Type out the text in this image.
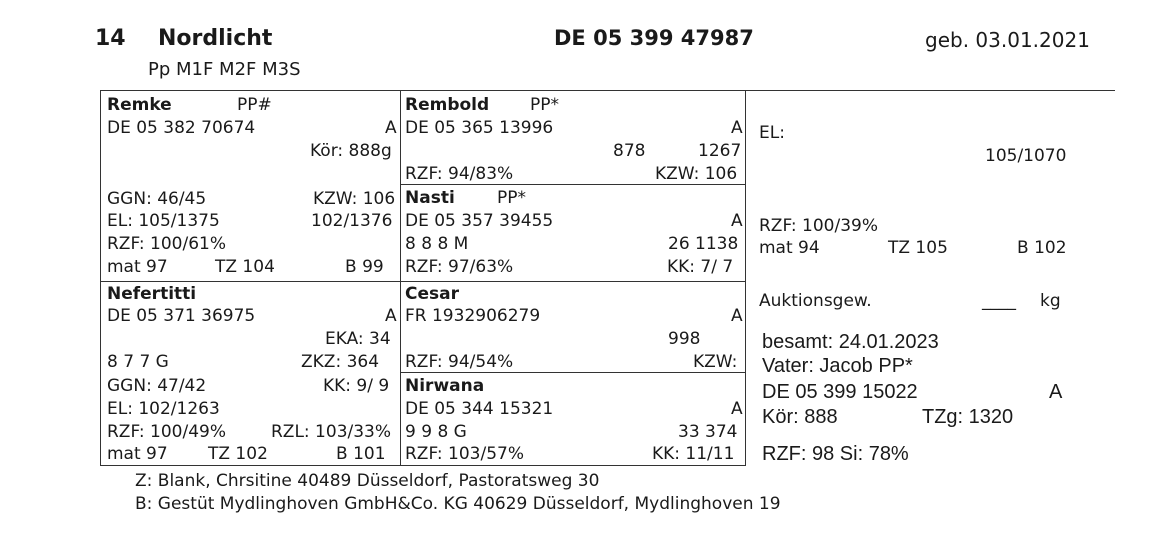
14 Nordlicht	DE 05 399 47987	geb. 03.01.2021
Pp M1F M2F M3S
Remke	PP#
DE 05 382 70674	A
Kör: 888g
GGN: 46/45	KZW: 106
EL: 105/1375	102/1376
RZF: 100/61%
mat 97	TZ 104	B 99
Nefertitti
DE 05 371 36975	A
EKA: 34
8 7 7 G	ZKZ: 364
GGN: 47/42	KK: 9/ 9
EL: 102/1263
RZF: 100/49%	RZL: 103/33%
mat 97 TZ 102	B 101
Rembold PP*
DE 05 365 13996	A
878	1267
RZF: 94/83%	KZW: 106
Nasti PP*
DE 05 357 39455	A
8 8 8 M	26 1138
RZF: 97/63%	KK: 7/ 7
Cesar
FR 1932906279	A
998
RZF: 94/54%	KZW:
Nirwana
DE 05 344 15321	A
9 9 8 G	33 374
RZF: 103/57%	KK: 11/11
EL:
105/1070
RZF: 100/39%
mat 94	TZ 105	B 102
Auktionsgew.	____ kg
besamt: 24.01.2023
Vater: Jacob PP*
DE 05 399 15022	A
Kör: 888	TZg: 1320
RZF: 98 Si: 78%
Z: Blank, Chrsitine 40489 Düsseldorf, Pastoratsweg 30
B: Gestüt Mydlinghoven GmbH&Co. KG 40629 Düsseldorf, Mydlinghoven 19
